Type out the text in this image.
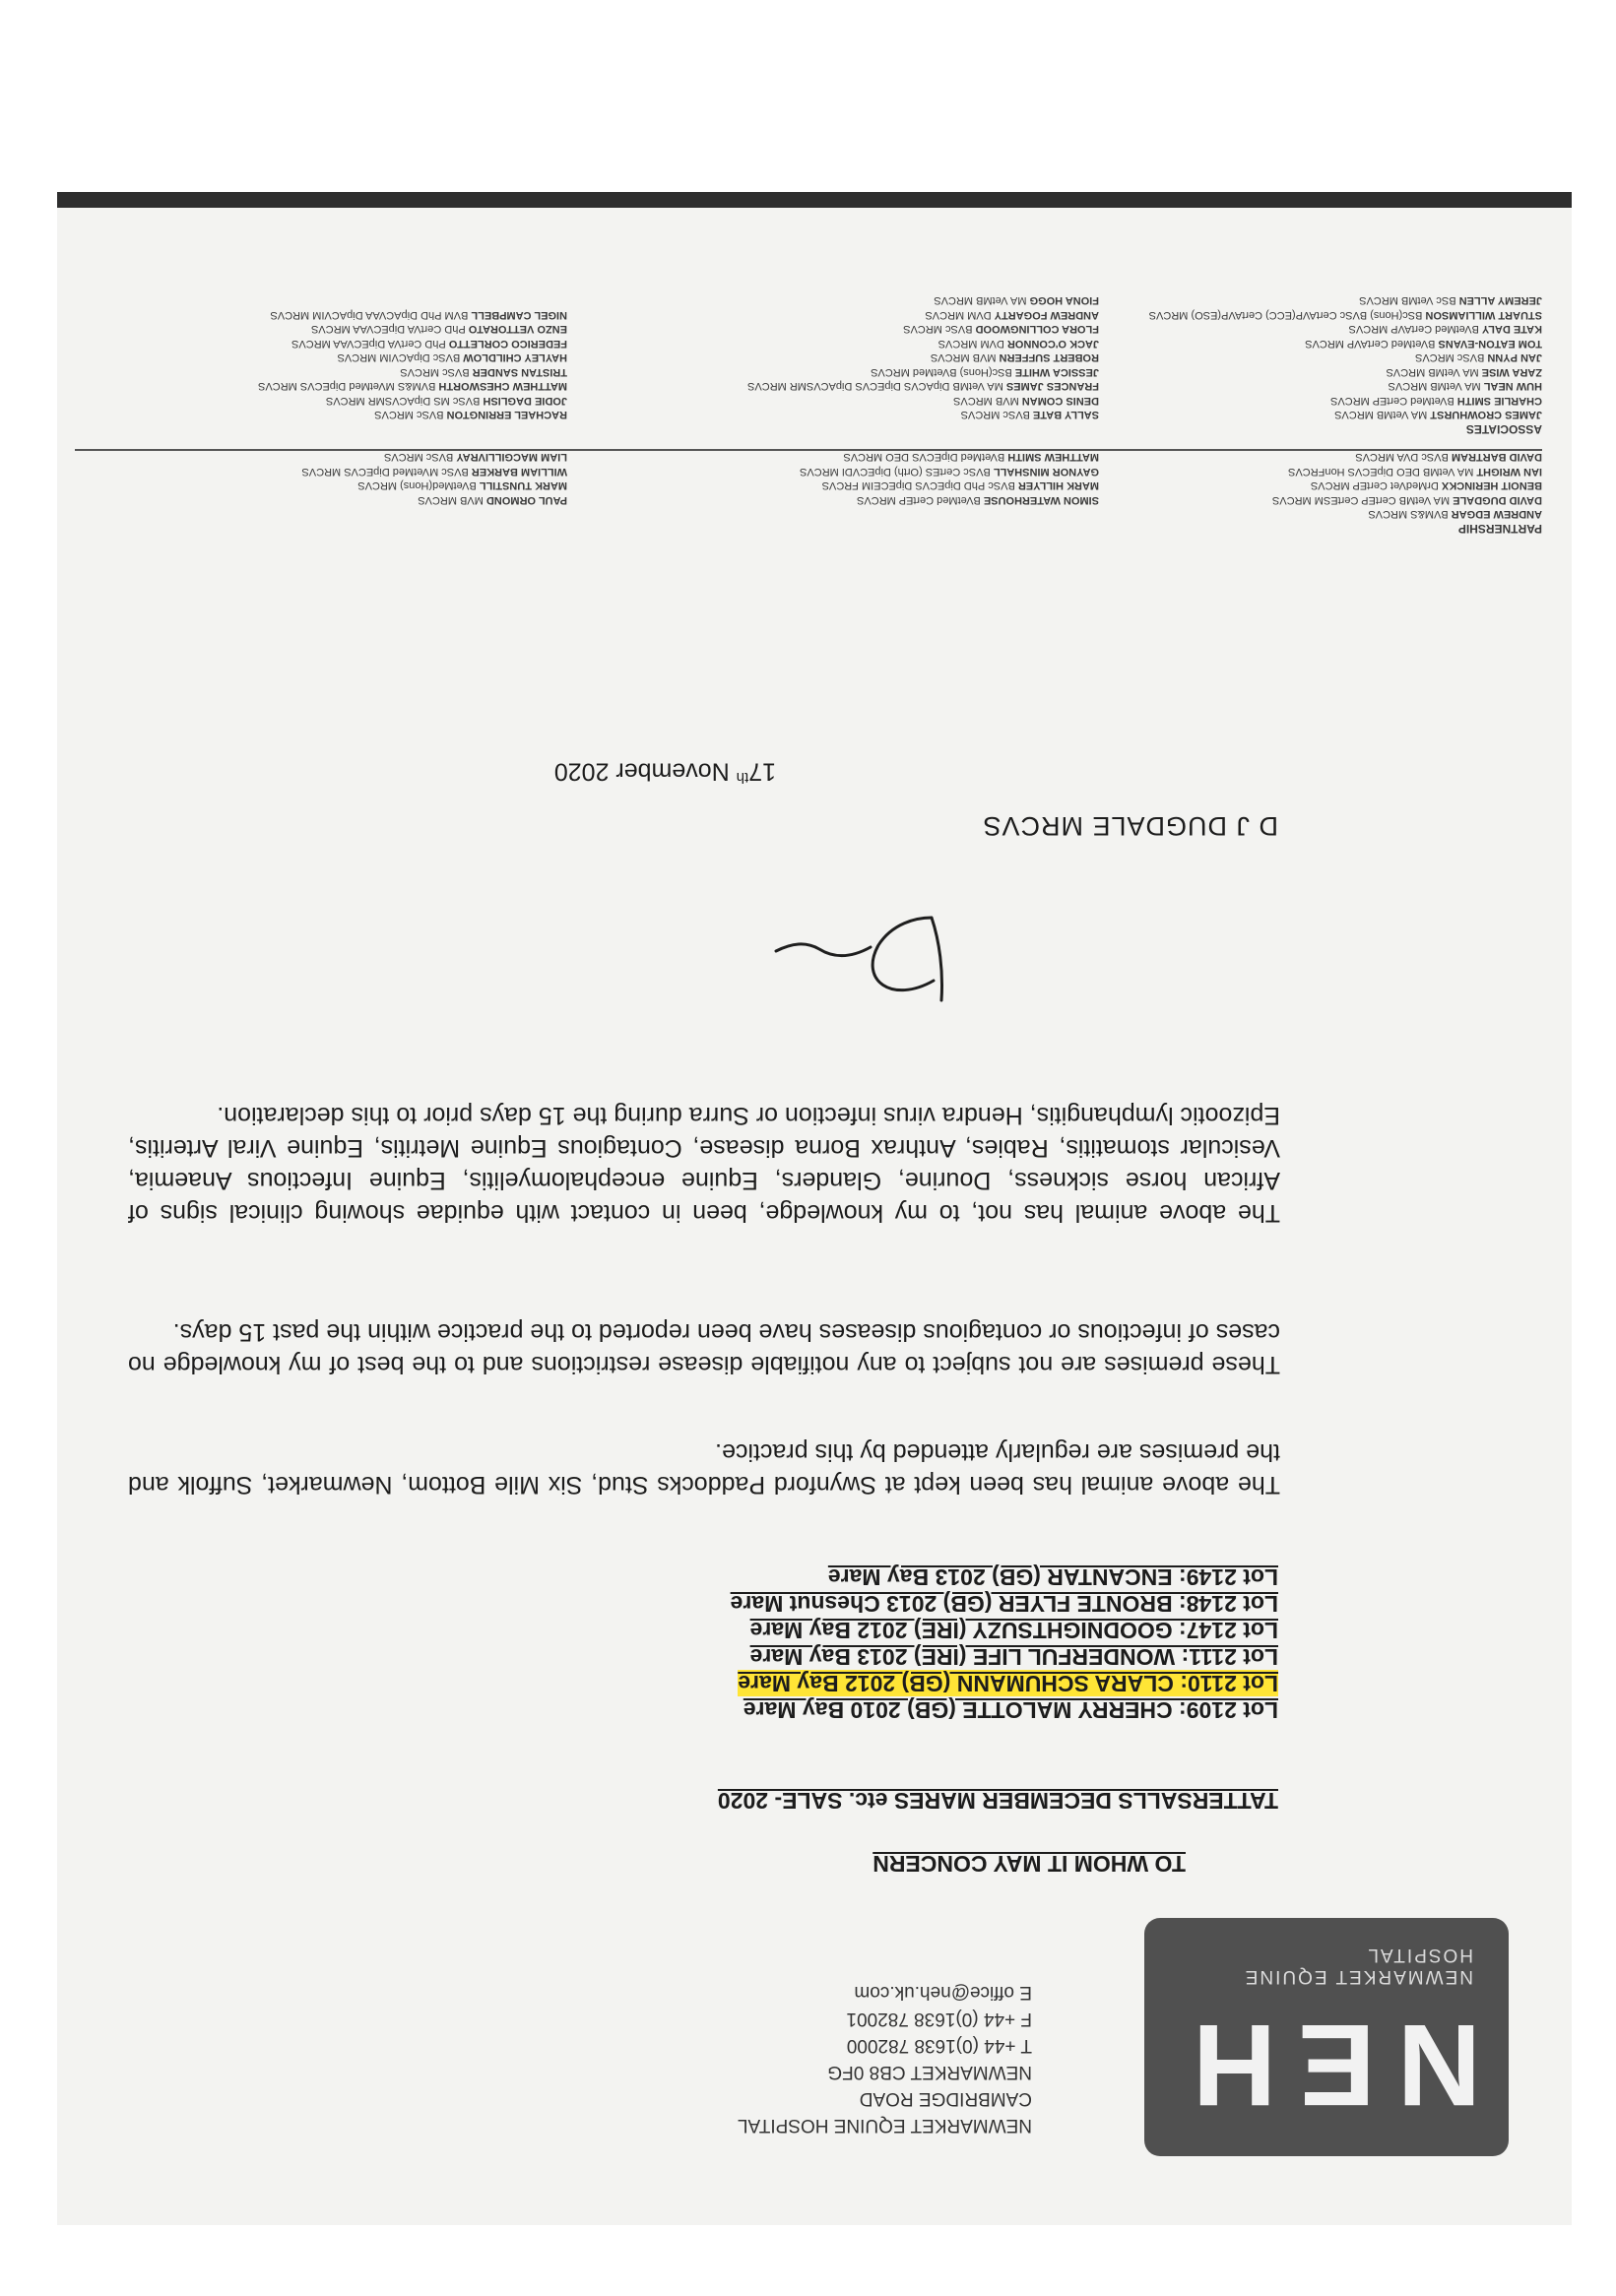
NEH
NEWMARKET EQUINE HOSPITAL
NEWMARKET EQUINE HOSPITAL
CAMBRIDGE ROAD
NEWMARKET CB8 0FG
T +44 (0)1638 782000
F +44 (0)1638 782001
E office@neh.uk.com
TO WHOM IT MAY CONCERN
TATTERSALLS DECEMBER MARES etc. SALE- 2020
Lot 2109: CHERRY MALOTTE (GB) 2010 Bay Mare
Lot 2110: CLARA SCHUMANN (GB) 2012 Bay Mare
Lot 2111: WONDERFUL LIFE (IRE) 2013 Bay Mare
Lot 2147: GOODNIGHTSUZY (IRE) 2012 Bay Mare
Lot 2148: BRONTE FLYER (GB) 2013 Chesnut Mare
Lot 2149: ENCANTAR (GB) 2013 Bay Mare
The above animal has been kept at Swynford Paddocks Stud, Six Mile Bottom, Newmarket, Suffolk and the premises are regularly attended by this practice.
These premises are not subject to any notifiable disease restrictions and to the best of my knowledge no cases of infectious or contagious diseases have been reported to the practice within the past 15 days.
The above animal has not, to my knowledge, been in contact with equidae showing clinical signs of African horse sickness, Dourine, Glanders, Equine encephalomyelitis, Equine Infectious Anaemia, Vesicular stomatitis, Rabies, Anthrax Borna disease, Contagious Equine Metritis, Equine Viral Arteritis, Epizootic lymphangitis, Hendra virus infection or Surra during the 15 days prior to this declaration.
D J DUGDALE MRCVS
17th November 2020
PARTNERSHIP
ANDREW EDGAR BVM&S MRCVS
DAVID DUGDALE MA VetMB CertEP CertESM MRCVS
BENOIT HERINCKX DrMedVet CertEP MRCVS
IAN WRIGHT MA VetMB DEO DipECVS HonFRCVS
DAVID BARTRAM BVSc DVA MRCVS

SIMON WATERHOUSE BVetMed CertEP MRCVS
MARK HILLYER BVSc PhD DipECVS DipECEIM FRCVS
GAYNOR MINSHALL BVSc CertES (Orth) DipECVDI MRCVS
MATTHEW SMITH BVetMed DipECVS DEO MRCVS

PAUL ORMOND MVB MRCVS
MARK TUNSTILL BVetMed(Hons) MRCVS
WILLIAM BARKER BVSc MVetMed DipECVS MRCVS
LIAM MACGILLIVRAY BVSc MRCVS
ASSOCIATES
JAMES CROWHURST MA VetMB MRCVS
CHARLIE SMITH BVetMed CertEP MRCVS
HUW NEAL MA VetMB MRCVS
ZARA WISE MA VetMB MRCVS
JAN PYNN BVSc MRCVS
TOM EATON-EVANS BVetMed CertAVP MRCVS
KATE DALY BVetMed CertAVP MRCVS
STUART WILLIAMSON BSc(Hons) BVSc CertAVP(ECC) CertAVP(ESO) MRCVS
JEREMY ALLEN BSc VetMB MRCVS
SALLY BATE BVSc MRCVS
DENIS COMAN MVB MRCVS
FRANCES JAMES MA VetMB DipACVS DipECVS DipACVSMR MRCVS
JESSICA WHITE BSc(Hons) BVetMed MRCVS
ROBERT SUFFERN MVB MRCVS
JACK O'CONNOR DVM MRCVS
FLORA COLLINGWOOD BVSc MRCVS
ANDREW FOGARTY DVM MRCVS
FIONA HOGG MA VetMB MRCVS
RACHAEL ERRINGTON BVSc MRCVS
JODIE DAGLISH BVSc MS DipACVSMR MRCVS
MATTHEW CHESWORTH BVM&S MVetMed DipECVS MRCVS
TRISTAN SANDER BVSc MRCVS
HAYLEY CHILDLOW BVSc DipACVIM MRCVS
FEDERICO CORLETTO PhD CertVA DipECVAA MRCVS
ENZO VETTORATO PhD CertVA DipECVAA MRCVS
NIGEL CAMPBELL BVM PhD DipACVAA DipACVIM MRCVS
